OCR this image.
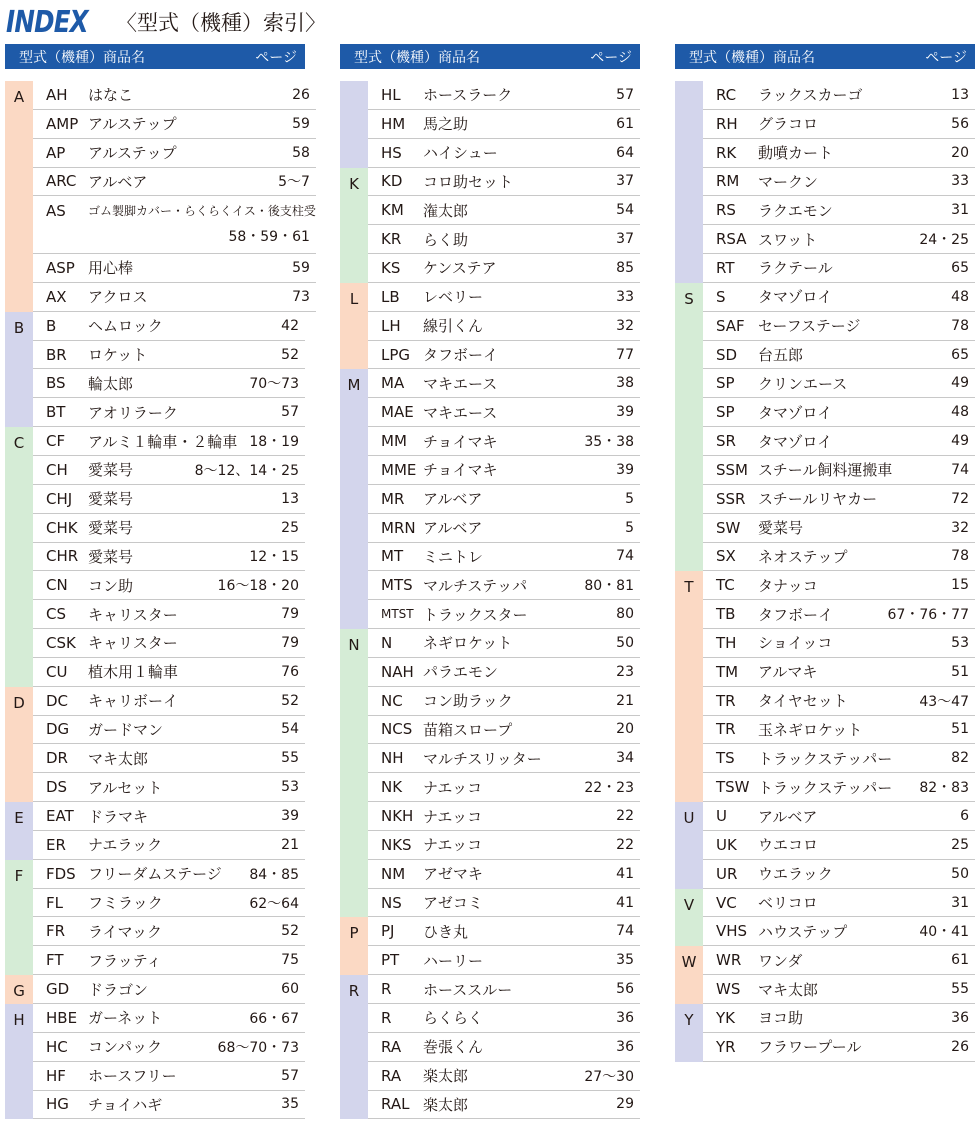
INDEX 〈型式（機種）索引〉
型式（機種）商品名	ページ
A	AH	はなこ	26
AMP アルステップ	59
AP	アルステップ	58
ARC アルベア	5〜7
AS	ゴム製脚カバー・らくらくイス・後支柱受
58・59・61
ASP 用心棒	59
AX	アクロス	73
B	B	ヘムロック	42
BR	ロケット	52
BS	輪太郎	70〜73
BT	アオリラーク	57
C	CF	アルミ１輪車・２輪車 18・19
CH	愛菜号	8〜12、14・25
CHJ	愛菜号	13
CHK 愛菜号	25
CHR 愛菜号	12・15
CN	コン助	16〜18・20
CS	キャリスター	79
CSK キャリスター	79
CU	植木用１輪車	76
D	DC	キャリボーイ	52
DG	ガードマン	54
DR	マキ太郎	55
DS	アルセット	53
E	EAT ドラマキ	39
ER	ナエラック	21
F	FDS フリーダムステージ	84・85
FL	フミラック	62〜64
FR	ライマック	52
FT	フラッティ	75
G	GD	ドラゴン	60
H	HBE ガーネット	66・67
HC	コンパック	68〜70・73
HF	ホースフリー	57
HG	チョイハギ	35
型式（機種）商品名	ページ
HL	ホースラーク	57
HM	馬之助	61
HS	ハイシュー	64
K	KD	コロ助セット	37
KM	潅太郎	54
KR	らく助	37
KS	ケンステア	85
L	LB	レベリー	33
LH	線引くん	32
LPG タフボーイ	77
M	MA	マキエース	38
MAE マキエース	39
MM	チョイマキ	35・38
MME チョイマキ	39
MR	アルベア	5
MRN アルベア	5
MT	ミニトレ	74
MTS マルチステッパ	80・81
MTST トラックスター	80
N	N	ネギロケット	50
NAH パラエモン	23
NC	コン助ラック	21
NCS 苗箱スロープ	20
NH	マルチスリッター	34
NK	ナエッコ	22・23
NKH ナエッコ	22
NKS ナエッコ	22
NM	アゼマキ	41
NS	アゼコミ	41
P	PJ	ひき丸	74
PT	ハーリー	35
R	R	ホーススルー	56
R	らくらく	36
RA	巻張くん	36
RA	楽太郎	27〜30
RAL 楽太郎	29
型式（機種）商品名	ページ
RC	ラックスカーゴ	13
RH	グラコロ	56
RK	動噴カート	20
RM	マークン	33
RS	ラクエモン	31
RSA スワット	24・25
RT	ラクテール	65
S	S	タマゾロイ	48
SAF セーフステージ	78
SD	台五郎	65
SP	クリンエース	49
SP	タマゾロイ	48
SR	タマゾロイ	49
SSM スチール飼料運搬車	74
SSR スチールリヤカー	72
SW	愛菜号	32
SX	ネオステップ	78
T	TC	タナッコ	15
TB	タフボーイ	67・76・77
TH	ショイッコ	53
TM	アルマキ	51
TR	タイヤセット	43〜47
TR	玉ネギロケット	51
TS	トラックステッパー	82
TSW トラックステッパー	82・83
U	U	アルベア	6
UK	ウエコロ	25
UR	ウエラック	50
V	VC	ベリコロ	31
VHS ハウステップ	40・41
W	WR	ワンダ	61
WS	マキ太郎	55
Y	YK	ヨコ助	36
YR	フラワープール	26
